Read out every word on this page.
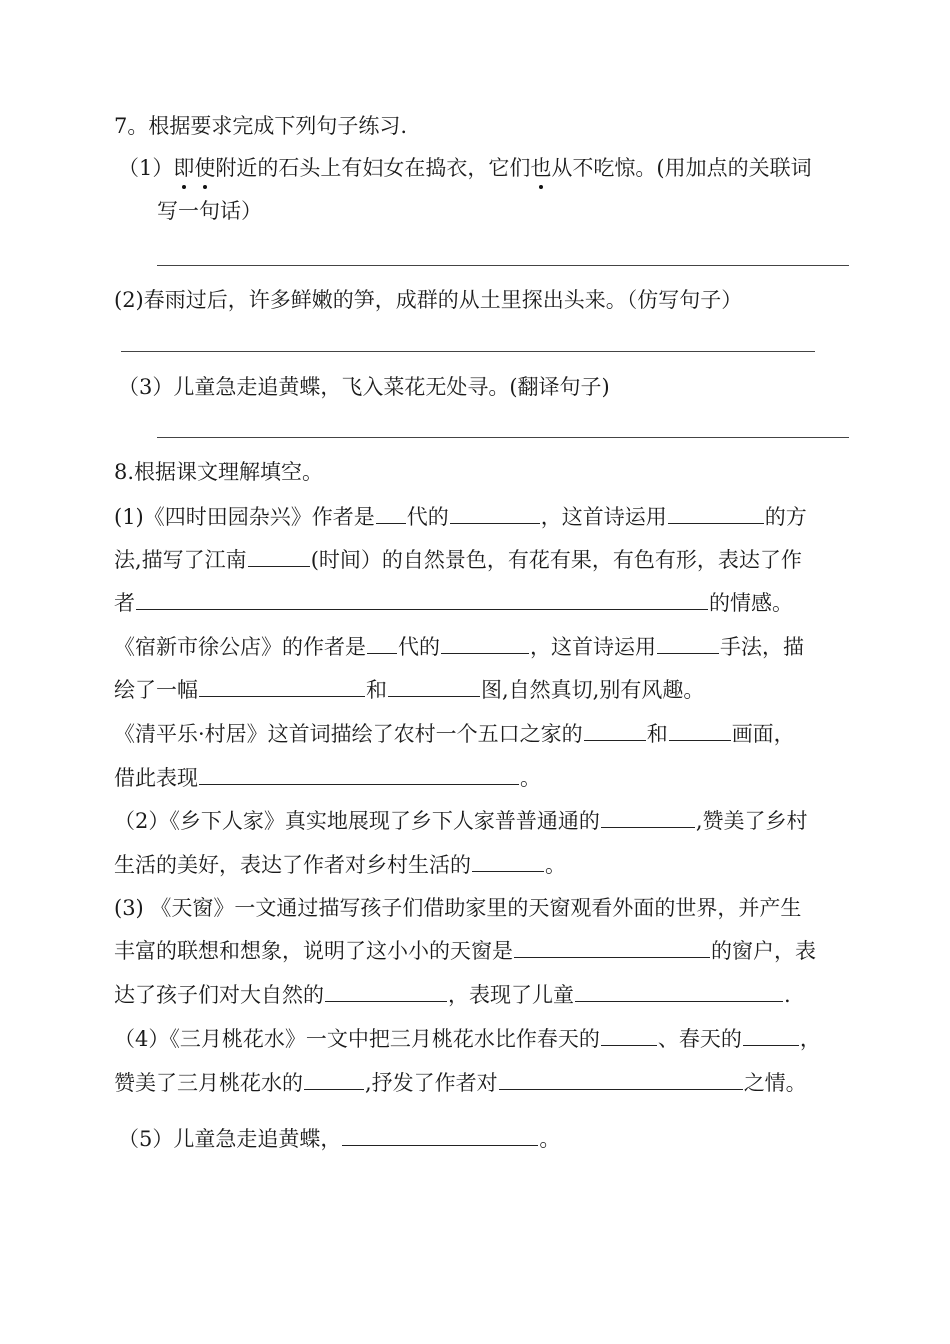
7。根据要求完成下列句子练习.
（1）即使附近的石头上有妇女在捣衣，它们也从不吃惊。(用加点的关联词
写一句话）
(2)春雨过后，许多鲜嫩的笋，成群的从土里探出头来。（仿写句子）
（3）儿童急走追黄蝶，飞入菜花无处寻。(翻译句子)
8.根据课文理解填空。
(1)《四时田园杂兴》作者是 代的	，这首诗运用	的方
法,描写了江南	(时间）的自然景色，有花有果，有色有形，表达了作
者	的情感。
《宿新市徐公店》的作者是 代的	，这首诗运用	手法，描
绘了一幅	和	图,自然真切,别有风趣。
《清平乐·村居》这首词描绘了农村一个五口之家的	和	画面，
借此表现	。
（2）《乡下人家》真实地展现了乡下人家普普通通的	,赞美了乡村
生活的美好，表达了作者对乡村生活的	。
(3) 《天窗》一文通过描写孩子们借助家里的天窗观看外面的世界，并产生
丰富的联想和想象，说明了这小小的天窗是	的窗户，表
达了孩子们对大自然的	，表现了儿童	.
（4）《三月桃花水》一文中把三月桃花水比作春天的	、春天的	，
赞美了三月桃花水的	,抒发了作者对	之情。
（5）儿童急走追黄蝶，	。
